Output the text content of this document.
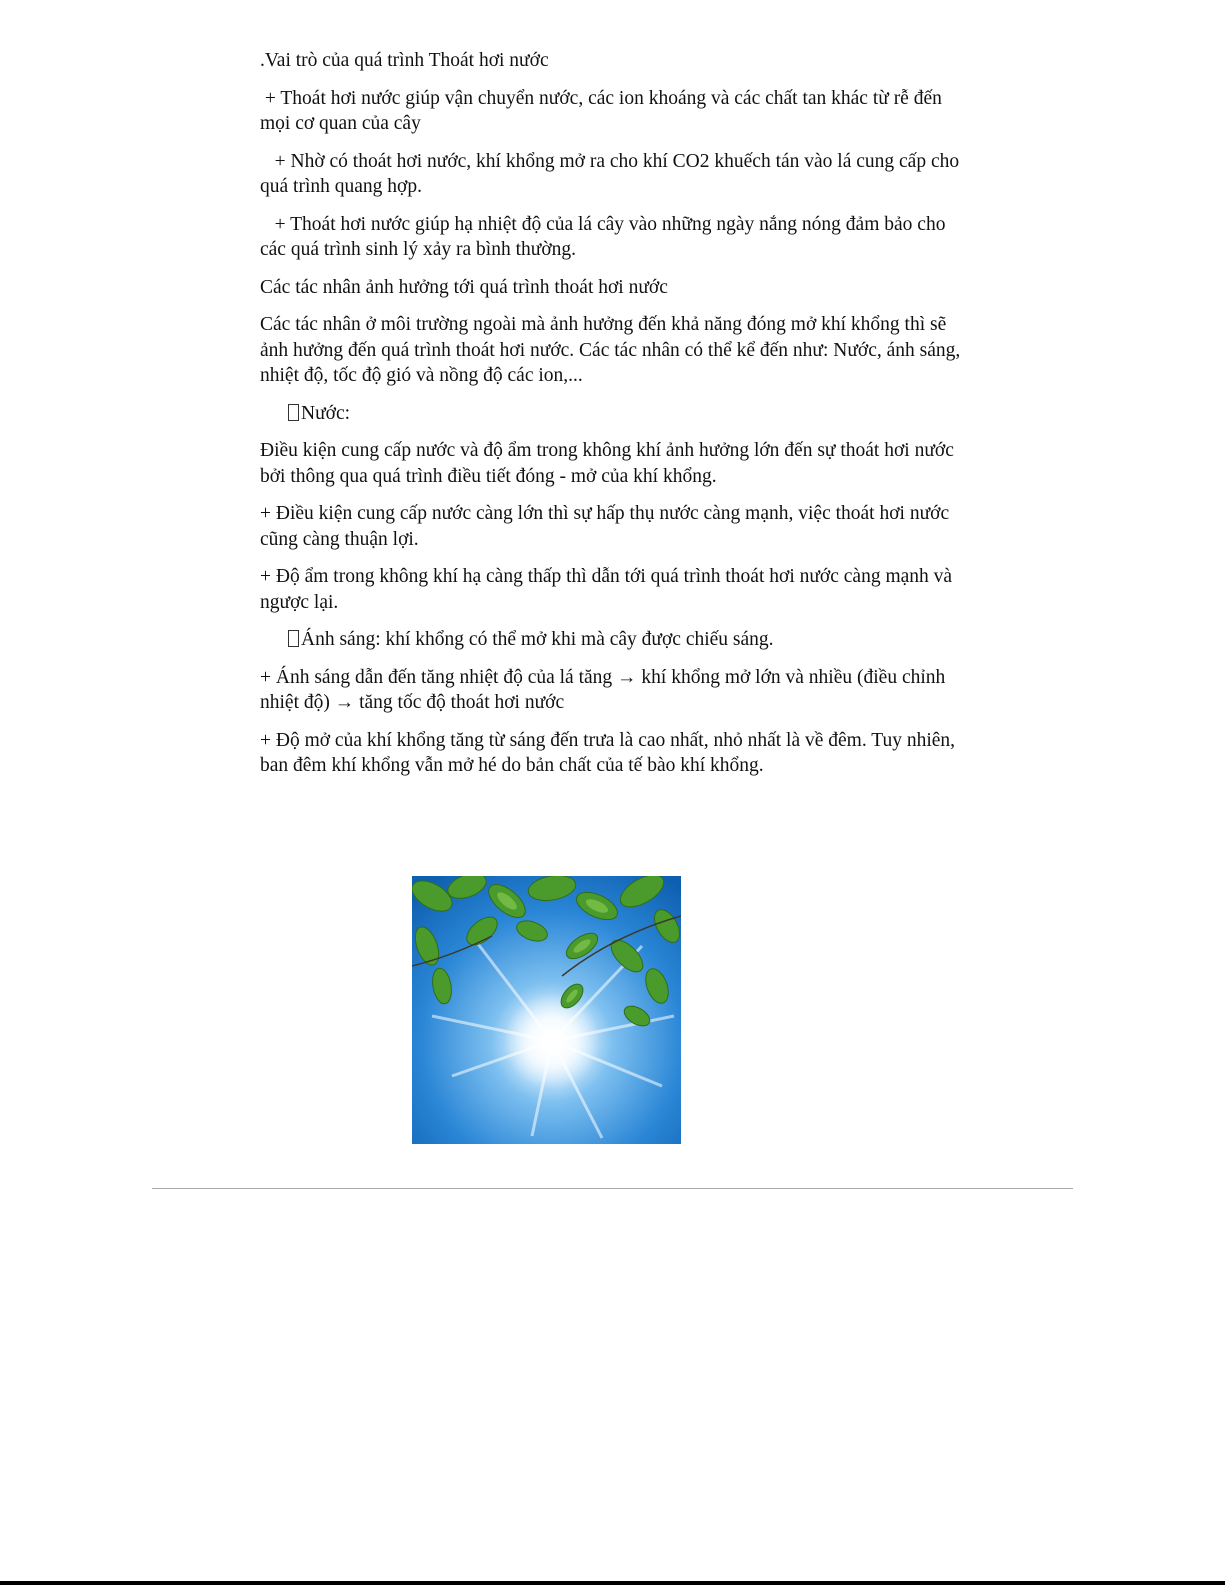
.Vai trò của quá trình Thoát hơi nước

+ Thoát hơi nước giúp vận chuyển nước, các ion khoáng và các chất tan khác từ rễ đến mọi cơ quan của cây

+ Nhờ có thoát hơi nước, khí khổng mở ra cho khí CO2 khuếch tán vào lá cung cấp cho quá trình quang hợp.

+ Thoát hơi nước giúp hạ nhiệt độ của lá cây vào những ngày nắng nóng đảm bảo cho các quá trình sinh lý xảy ra bình thường.

Các tác nhân ảnh hưởng tới quá trình thoát hơi nước

Các tác nhân ở môi trường ngoài mà ảnh hưởng đến khả năng đóng mở khí khổng thì sẽ ảnh hưởng đến quá trình thoát hơi nước. Các tác nhân có thể kể đến như: Nước, ánh sáng, nhiệt độ, tốc độ gió và nồng độ các ion,...

Nước:

Điều kiện cung cấp nước và độ ẩm trong không khí ảnh hưởng lớn đến sự thoát hơi nước bởi thông qua quá trình điều tiết đóng - mở của khí khổng.

+ Điều kiện cung cấp nước càng lớn thì sự hấp thụ nước càng mạnh, việc thoát hơi nước cũng càng thuận lợi.

+ Độ ẩm trong không khí hạ càng thấp thì dẫn tới quá trình thoát hơi nước càng mạnh và ngược lại.

Ánh sáng: khí khổng có thể mở khi mà cây được chiếu sáng.

+ Ánh sáng dẫn đến tăng nhiệt độ của lá tăng → khí khổng mở lớn và nhiều (điều chỉnh nhiệt độ) → tăng tốc độ thoát hơi nước

+ Độ mở của khí khổng tăng từ sáng đến trưa là cao nhất, nhỏ nhất là về đêm. Tuy nhiên, ban đêm khí khổng vẫn mở hé do bản chất của tế bào khí khổng.
